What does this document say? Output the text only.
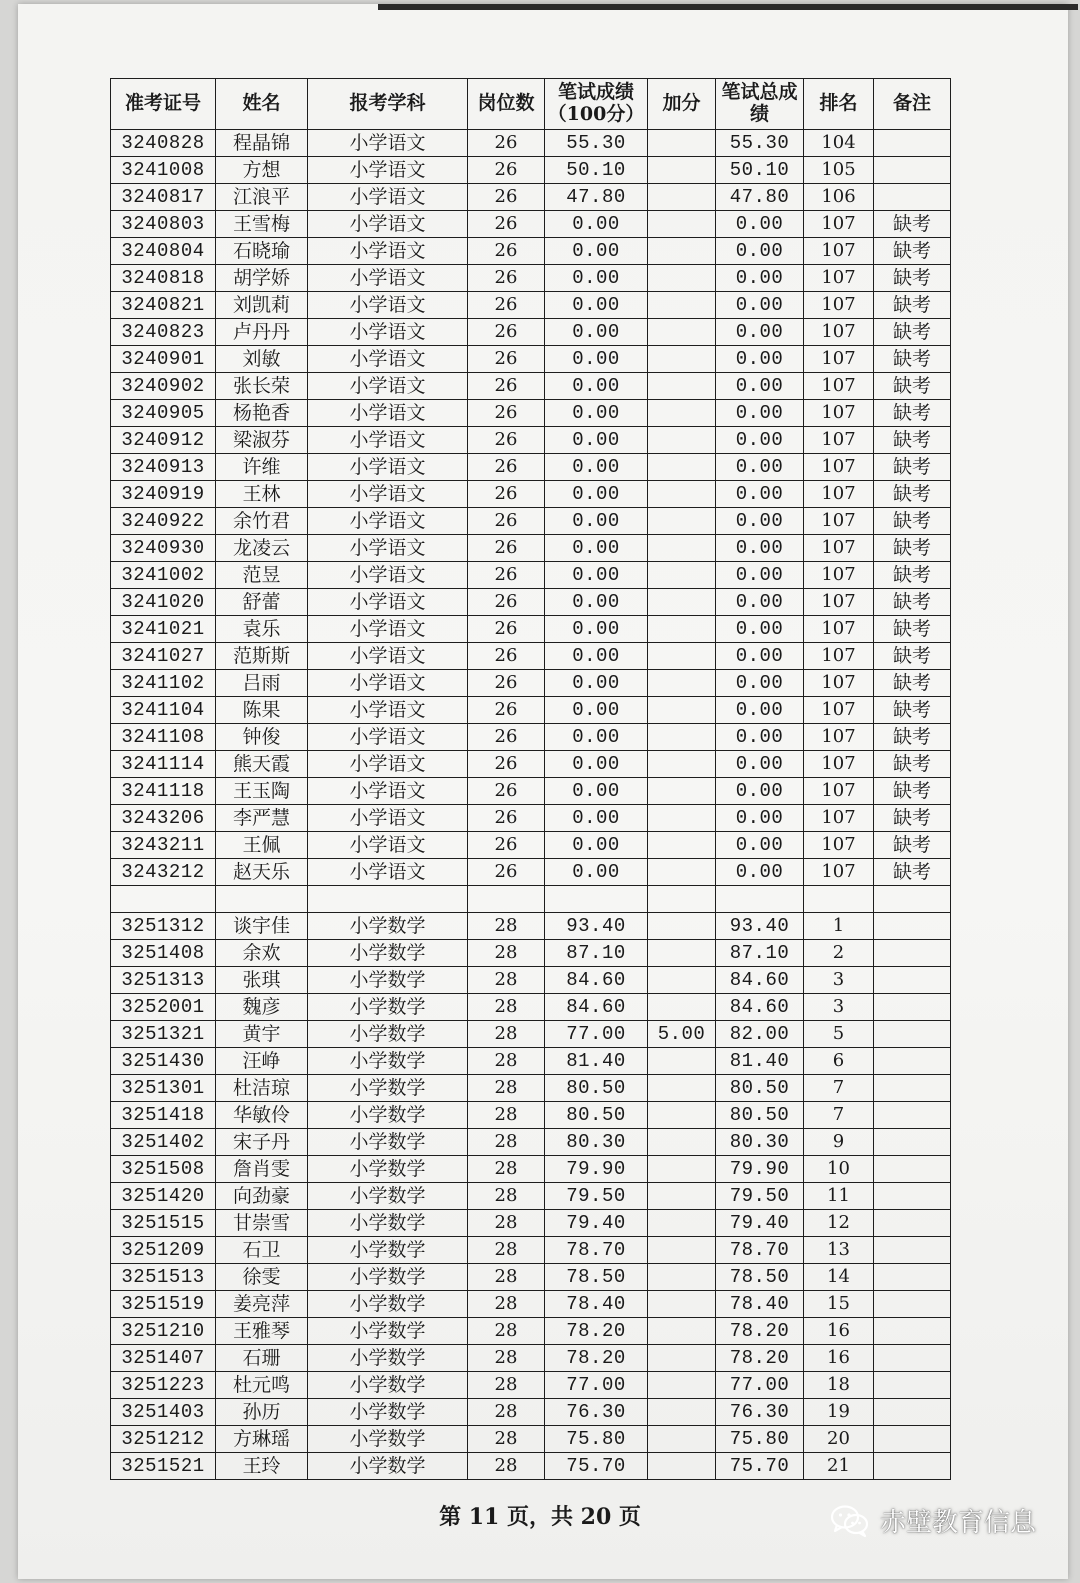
准考证号	姓名	报考学科	岗位数	笔试成绩（100分）	加分	笔试总成绩	排名	备注
3240828	程晶锦	小学语文	26	55.30		55.30	104	
3241008	方想	小学语文	26	50.10		50.10	105	
3240817	江浪平	小学语文	26	47.80		47.80	106	
3240803	王雪梅	小学语文	26	0.00		0.00	107	缺考
3240804	石晓瑜	小学语文	26	0.00		0.00	107	缺考
3240818	胡学娇	小学语文	26	0.00		0.00	107	缺考
3240821	刘凯莉	小学语文	26	0.00		0.00	107	缺考
3240823	卢丹丹	小学语文	26	0.00		0.00	107	缺考
3240901	刘敏	小学语文	26	0.00		0.00	107	缺考
3240902	张长荣	小学语文	26	0.00		0.00	107	缺考
3240905	杨艳香	小学语文	26	0.00		0.00	107	缺考
3240912	梁淑芬	小学语文	26	0.00		0.00	107	缺考
3240913	许维	小学语文	26	0.00		0.00	107	缺考
3240919	王林	小学语文	26	0.00		0.00	107	缺考
3240922	余竹君	小学语文	26	0.00		0.00	107	缺考
3240930	龙凌云	小学语文	26	0.00		0.00	107	缺考
3241002	范昱	小学语文	26	0.00		0.00	107	缺考
3241020	舒蕾	小学语文	26	0.00		0.00	107	缺考
3241021	袁乐	小学语文	26	0.00		0.00	107	缺考
3241027	范斯斯	小学语文	26	0.00		0.00	107	缺考
3241102	吕雨	小学语文	26	0.00		0.00	107	缺考
3241104	陈果	小学语文	26	0.00		0.00	107	缺考
3241108	钟俊	小学语文	26	0.00		0.00	107	缺考
3241114	熊天霞	小学语文	26	0.00		0.00	107	缺考
3241118	王玉陶	小学语文	26	0.00		0.00	107	缺考
3243206	李严慧	小学语文	26	0.00		0.00	107	缺考
3243211	王佩	小学语文	26	0.00		0.00	107	缺考
3243212	赵天乐	小学语文	26	0.00		0.00	107	缺考

3251312	谈宇佳	小学数学	28	93.40		93.40	1	
3251408	余欢	小学数学	28	87.10		87.10	2	
3251313	张琪	小学数学	28	84.60		84.60	3	
3252001	魏彦	小学数学	28	84.60		84.60	3	
3251321	黄宇	小学数学	28	77.00	5.00	82.00	5	
3251430	汪峥	小学数学	28	81.40		81.40	6	
3251301	杜洁琼	小学数学	28	80.50		80.50	7	
3251418	华敏伶	小学数学	28	80.50		80.50	7	
3251402	宋子丹	小学数学	28	80.30		80.30	9	
3251508	詹肖雯	小学数学	28	79.90		79.90	10	
3251420	向劲豪	小学数学	28	79.50		79.50	11	
3251515	甘崇雪	小学数学	28	79.40		79.40	12	
3251209	石卫	小学数学	28	78.70		78.70	13	
3251513	徐雯	小学数学	28	78.50		78.50	14	
3251519	姜亮萍	小学数学	28	78.40		78.40	15	
3251210	王雅琴	小学数学	28	78.20		78.20	16	
3251407	石珊	小学数学	28	78.20		78.20	16	
3251223	杜元鸣	小学数学	28	77.00		77.00	18	
3251403	孙历	小学数学	28	76.30		76.30	19	
3251212	方琳瑶	小学数学	28	75.80		75.80	20	
3251521	王玲	小学数学	28	75.70		75.70	21	
第 11 页，共 20 页	赤壁教育信息
